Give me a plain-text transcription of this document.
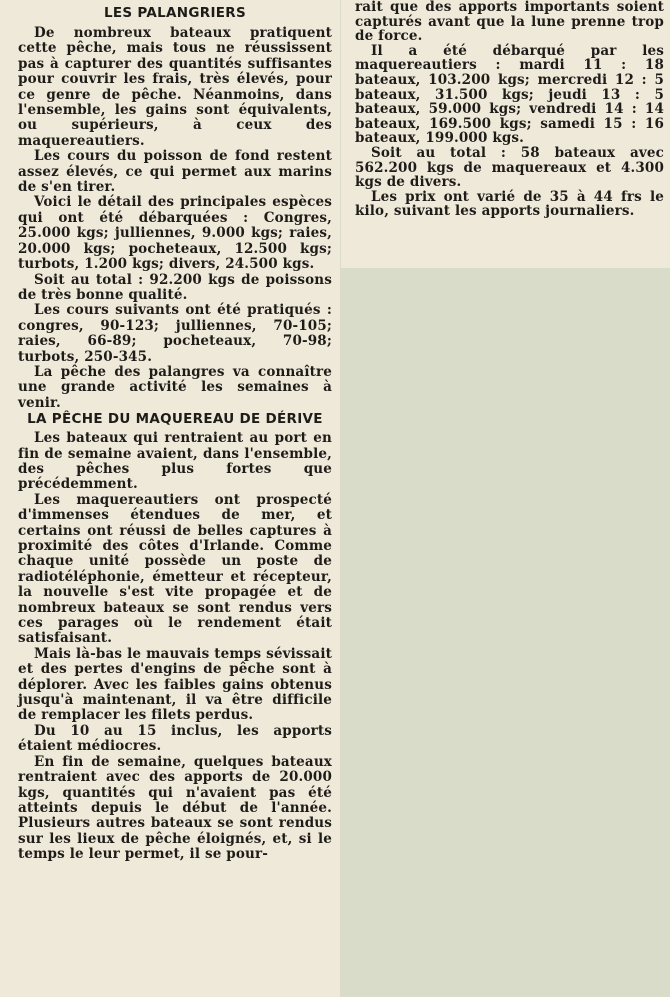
LES PALANGRIERS

De nombreux bateaux pratiquent cette pêche, mais tous ne réussissent pas à capturer des quantités suffisantes pour couvrir les frais, très élevés, pour ce genre de pêche. Néanmoins, dans l'ensemble, les gains sont équivalents, ou supérieurs, à ceux des maquereautiers.

Les cours du poisson de fond restent assez élevés, ce qui permet aux marins de s'en tirer.

Voici le détail des principales espèces qui ont été débarquées : Congres, 25.000 kgs; julliennes, 9.000 kgs; raies, 20.000 kgs; pocheteaux, 12.500 kgs; turbots, 1.200 kgs; divers, 24.500 kgs.

Soit au total : 92.200 kgs de poissons de très bonne qualité.

Les cours suivants ont été pratiqués : congres, 90-123; julliennes, 70-105; raies, 66-89; pocheteaux, 70-98; turbots, 250-345.

La pêche des palangres va connaître une grande activité les semaines à venir.

LA PÊCHE DU MAQUEREAU DE DÉRIVE

Les bateaux qui rentraient au port en fin de semaine avaient, dans l'ensemble, des pêches plus fortes que précédemment.

Les maquereautiers ont prospecté d'immenses étendues de mer, et certains ont réussi de belles captures à proximité des côtes d'Irlande. Comme chaque unité possède un poste de radiotéléphonie, émetteur et récepteur, la nouvelle s'est vite propagée et de nombreux bateaux se sont rendus vers ces parages où le rendement était satisfaisant.

Mais là-bas le mauvais temps sévissait et des pertes d'engins de pêche sont à déplorer. Avec les faibles gains obtenus jusqu'à maintenant, il va être difficile de remplacer les filets perdus.

Du 10 au 15 inclus, les apports étaient médiocres.

En fin de semaine, quelques bateaux rentraient avec des apports de 20.000 kgs, quantités qui n'avaient pas été atteints depuis le début de l'année. Plusieurs autres bateaux se sont rendus sur les lieux de pêche éloignés, et, si le temps le leur permet, il se pour-

rait que des apports importants soient capturés avant que la lune prenne trop de force.

Il a été débarqué par les maquereautiers : mardi 11 : 18 bateaux, 103.200 kgs; mercredi 12 : 5 bateaux, 31.500 kgs; jeudi 13 : 5 bateaux, 59.000 kgs; vendredi 14 : 14 bateaux, 169.500 kgs; samedi 15 : 16 bateaux, 199.000 kgs.

Soit au total : 58 bateaux avec 562.200 kgs de maquereaux et 4.300 kgs de divers.

Les prix ont varié de 35 à 44 frs le kilo, suivant les apports journaliers.
